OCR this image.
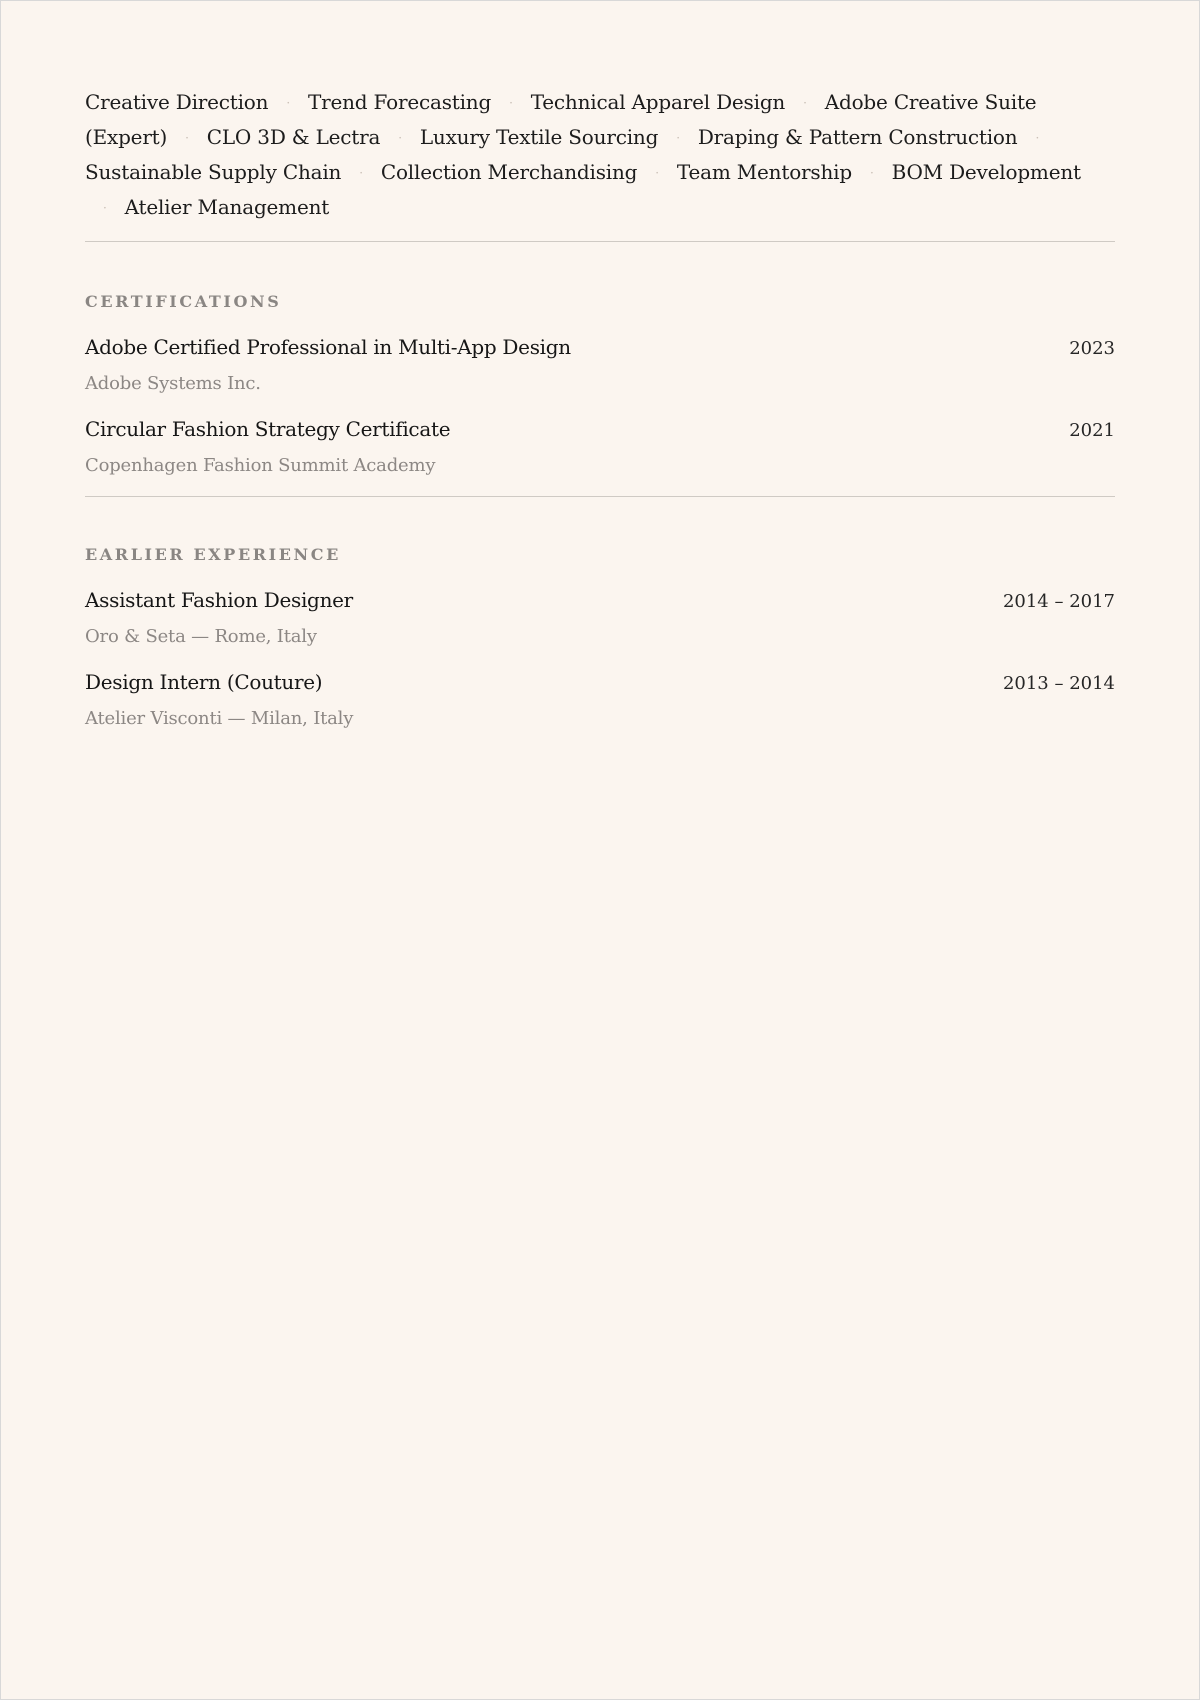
Creative Direction · Trend Forecasting · Technical Apparel Design · Adobe Creative Suite (Expert) · CLO 3D & Lectra · Luxury Textile Sourcing · Draping & Pattern Construction ·Sustainable Supply Chain · Collection Merchandising · Team Mentorship · BOM Development· Atelier Management
CERTIFICATIONS
Adobe Certified Professional in Multi-App Design	2023
Adobe Systems Inc.
Circular Fashion Strategy Certificate	2021
Copenhagen Fashion Summit Academy
EARLIER EXPERIENCE
Assistant Fashion Designer	2014 – 2017
Oro & Seta — Rome, Italy
Design Intern (Couture)	2013 – 2014
Atelier Visconti — Milan, Italy
